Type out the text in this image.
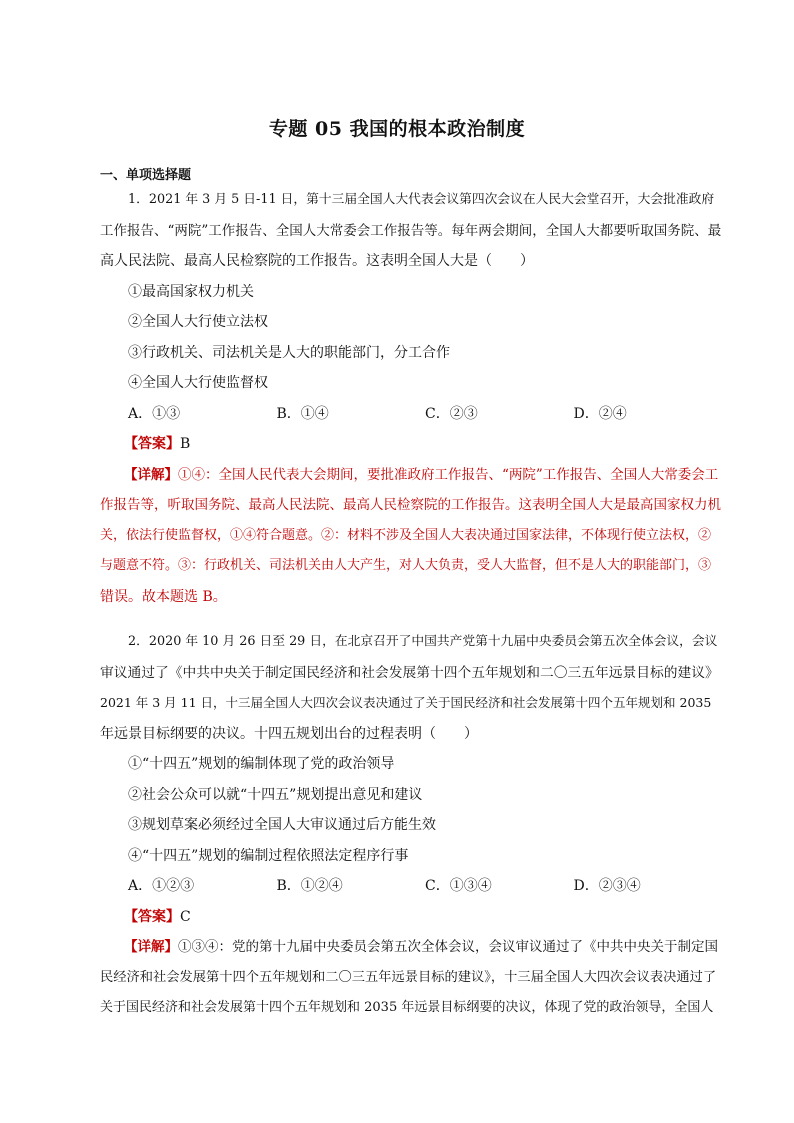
专题 05 我国的根本政治制度
一、单项选择题
1．2021 年 3 月 5 日-11 日，第十三届全国人大代表会议第四次会议在人民大会堂召开，大会批准政府
工作报告、“两院”工作报告、全国人大常委会工作报告等。每年两会期间，全国人大都要听取国务院、最
高人民法院、最高人民检察院的工作报告。这表明全国人大是（　　）
①最高国家权力机关
②全国人大行使立法权
③行政机关、司法机关是人大的职能部门，分工合作
④全国人大行使监督权
A．①③	B．①④	C．②③	D．②④
【答案】B
【详解】①④：全国人民代表大会期间，要批准政府工作报告、“两院”工作报告、全国人大常委会工
作报告等，听取国务院、最高人民法院、最高人民检察院的工作报告。这表明全国人大是最高国家权力机
关，依法行使监督权，①④符合题意。②：材料不涉及全国人大表决通过国家法律，不体现行使立法权，②
与题意不符。③：行政机关、司法机关由人大产生，对人大负责，受人大监督，但不是人大的职能部门，③
错误。故本题选 B。
2．2020 年 10 月 26 日至 29 日，在北京召开了中国共产党第十九届中央委员会第五次全体会议，会议
审议通过了《中共中央关于制定国民经济和社会发展第十四个五年规划和二〇三五年远景目标的建议》
2021 年 3 月 11 日，十三届全国人大四次会议表决通过了关于国民经济和社会发展第十四个五年规划和 2035
年远景目标纲要的决议。十四五规划出台的过程表明（　　）
①“十四五”规划的编制体现了党的政治领导
②社会公众可以就“十四五”规划提出意见和建议
③规划草案必须经过全国人大审议通过后方能生效
④“十四五”规划的编制过程依照法定程序行事
A．①②③	B．①②④	C．①③④	D．②③④
【答案】C
【详解】①③④：党的第十九届中央委员会第五次全体会议，会议审议通过了《中共中央关于制定国
民经济和社会发展第十四个五年规划和二〇三五年远景目标的建议》，十三届全国人大四次会议表决通过了
关于国民经济和社会发展第十四个五年规划和 2035 年远景目标纲要的决议，体现了党的政治领导，全国人
